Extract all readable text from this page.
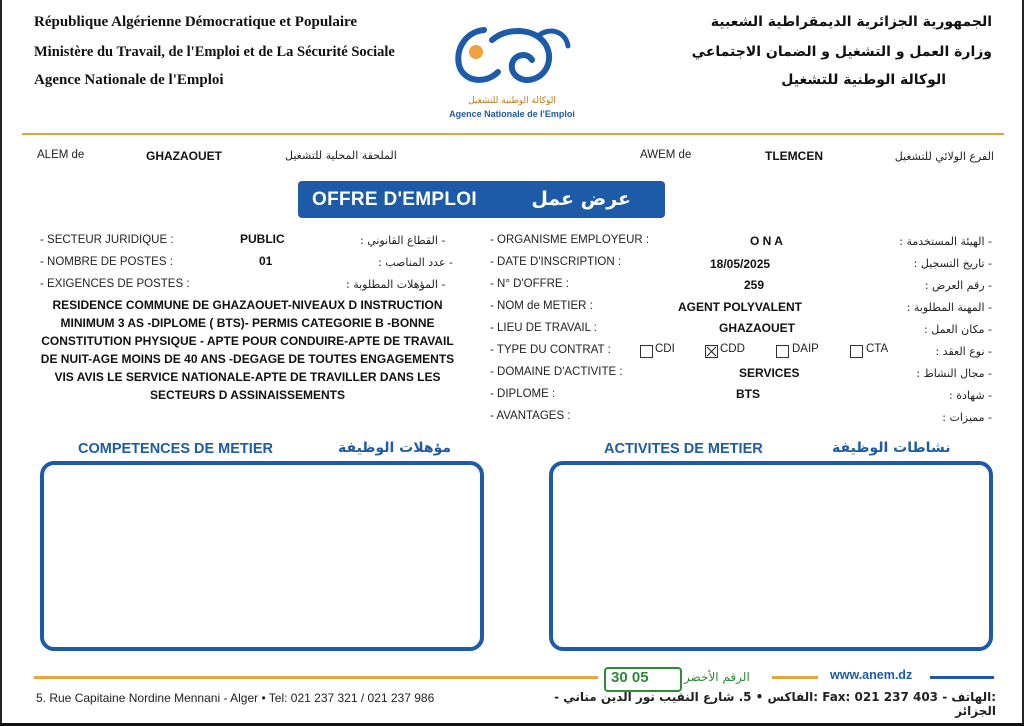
République Algérienne Démocratique et Populaire
Ministère du Travail, de l'Emploi et de La Sécurité Sociale
Agence Nationale de l'Emploi
الوكالة الوطنية للتشغيل
Agence Nationale de l'Emploi
الجمهورية الجزائرية الديمقراطية الشعبية
وزارة العمل و التشغيل و الضمان الاجتماعي
الوكالة الوطنية للتشغيل
ALEM de	GHAZAOUET	الملحقة المحلية للتشغيل	AWEM de	TLEMCEN	الفرع الولائي للتشغيل
OFFRE D'EMPLOI	عرض عمل
- SECTEUR JURIDIQUE :	PUBLIC	- القطاع القانوني :
- NOMBRE DE POSTES :	01	- عدد المناصب :
- EXIGENCES DE POSTES :	- المؤهلات المطلوبة :
RESIDENCE COMMUNE DE GHAZAOUET-NIVEAUX D INSTRUCTION MINIMUM 3 AS -DIPLOME ( BTS)- PERMIS CATEGORIE B -BONNE CONSTITUTION PHYSIQUE - APTE POUR CONDUIRE-APTE DE TRAVAIL DE NUIT-AGE MOINS DE 40 ANS -DEGAGE DE TOUTES ENGAGEMENTS VIS AVIS LE SERVICE NATIONALE-APTE DE TRAVILLER DANS LES SECTEURS D ASSINAISSEMENTS
- ORGANISME EMPLOYEUR :	O N A	- الهيئة المستخدمة :
- DATE D'INSCRIPTION :	18/05/2025	- تاريخ التسجيل :
- N° D'OFFRE :	259	- رقم العرض :
- NOM de METIER :	AGENT POLYVALENT	- المهنة المطلوبة :
- LIEU DE TRAVAIL :	GHAZAOUET	- مكان العمل :
- TYPE DU CONTRAT :	CDI	CDD	DAIP	CTA	- نوع العقد :
- DOMAINE D'ACTIVITE :	SERVICES	- مجال النشاط :
- DIPLOME :	BTS	- شهادة :
- AVANTAGES :	- مميزات :
COMPETENCES DE METIER	مؤهلات الوظيفة	ACTIVITES DE METIER	نشاطات الوظيفة
30 05	الرقم الأخضر	www.anem.dz
5. Rue Capitaine Nordine Mennani - Alger • Tel: 021 237 321 / 021 237 986	:الهاتف - Fax: 021 237 403 :الفاكس • 5. شارع النقيب نور الدين مناني - الجزائر
